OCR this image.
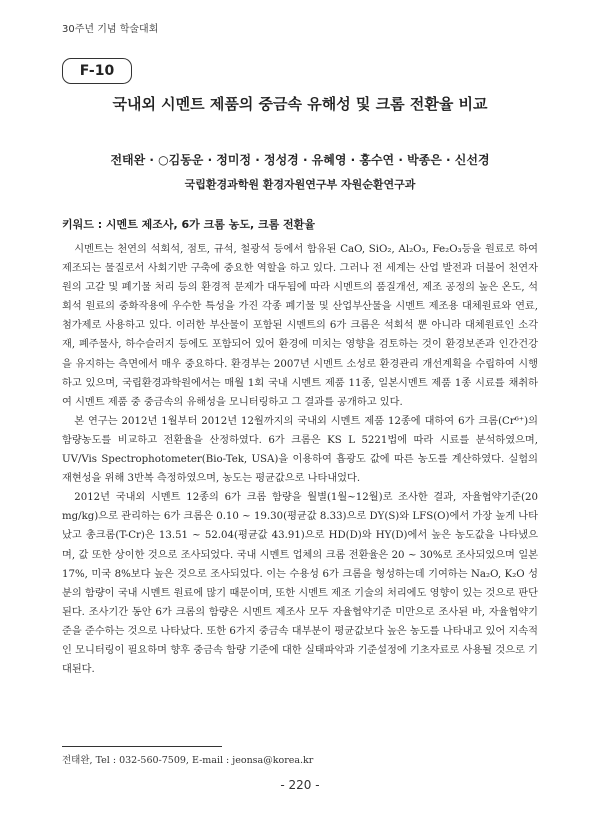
30주년 기념 학술대회
F-10
국내외 시멘트 제품의 중금속 유해성 및 크롬 전환율 비교
전태완 · ○김동운 · 정미정 · 정성경 · 유혜영 · 홍수연 · 박종은 · 신선경
국립환경과학원 환경자원연구부 자원순환연구과
키워드 : 시멘트 제조사, 6가 크롬 농도, 크롬 전환율

시멘트는 천연의 석회석, 점토, 규석, 철광석 등에서 함유된 CaO, SiO₂, Al₂O₃, Fe₂O₃등을 원료로 하여 제조되는 물질로서 사회기반 구축에 중요한 역할을 하고 있다. 그러나 전 세계는 산업 발전과 더불어 천연자원의 고갈 및 폐기물 처리 등의 환경적 문제가 대두됨에 따라 시멘트의 품질개선, 제조 공정의 높은 온도, 석회석 원료의 중화작용에 우수한 특성을 가진 각종 폐기물 및 산업부산물을 시멘트 제조용 대체원료와 연료, 첨가제로 사용하고 있다. 이러한 부산물이 포함된 시멘트의 6가 크롬은 석회석 뿐 아니라 대체원료인 소각재, 폐주물사, 하수슬러지 등에도 포함되어 있어 환경에 미치는 영향을 검토하는 것이 환경보존과 인간건강을 유지하는 측면에서 매우 중요하다. 환경부는 2007년 시멘트 소성로 환경관리 개선계획을 수립하여 시행하고 있으며, 국립환경과학원에서는 매월 1회 국내 시멘트 제품 11종, 일본시멘트 제품 1종 시료를 채취하여 시멘트 제품 중 중금속의 유해성을 모니터링하고 그 결과를 공개하고 있다.

본 연구는 2012년 1월부터 2012년 12월까지의 국내외 시멘트 제품 12종에 대하여 6가 크롬(Cr⁶⁺)의 함량농도를 비교하고 전환율을 산정하였다. 6가 크롬은 KS L 5221법에 따라 시료를 분석하였으며, UV/Vis Spectrophotometer(Bio-Tek, USA)을 이용하여 흡광도 값에 따른 농도를 계산하였다. 실험의 재현성을 위해 3반복 측정하였으며, 농도는 평균값으로 나타내었다.

2012년 국내외 시멘트 12종의 6가 크롬 함량을 월별(1월~12월)로 조사한 결과, 자율협약기준(20 mg/kg)으로 관리하는 6가 크롬은 0.10 ~ 19.30(평균값 8.33)으로 DY(S)와 LFS(O)에서 가장 높게 나타났고 총크롬(T-Cr)은 13.51 ~ 52.04(평균값 43.91)으로 HD(D)와 HY(D)에서 높은 농도값을 나타냈으며, 값 또한 상이한 것으로 조사되었다. 국내 시멘트 업체의 크롬 전환율은 20 ~ 30%로 조사되었으며 일본 17%, 미국 8%보다 높은 것으로 조사되었다. 이는 수용성 6가 크롬을 형성하는데 기여하는 Na₂O, K₂O 성분의 함량이 국내 시멘트 원료에 많기 때문이며, 또한 시멘트 제조 기술의 처리에도 영향이 있는 것으로 판단된다. 조사기간 동안 6가 크롬의 함량은 시멘트 제조사 모두 자율협약기준 미만으로 조사된 바, 자율협약기준을 준수하는 것으로 나타났다. 또한 6가지 중금속 대부분이 평균값보다 높은 농도를 나타내고 있어 지속적인 모니터링이 필요하며 향후 중금속 함량 기준에 대한 실태파악과 기준설정에 기초자료로 사용될 것으로 기대된다.

전태완, Tel : 032-560-7509, E-mail : jeonsa@korea.kr
- 220 -
